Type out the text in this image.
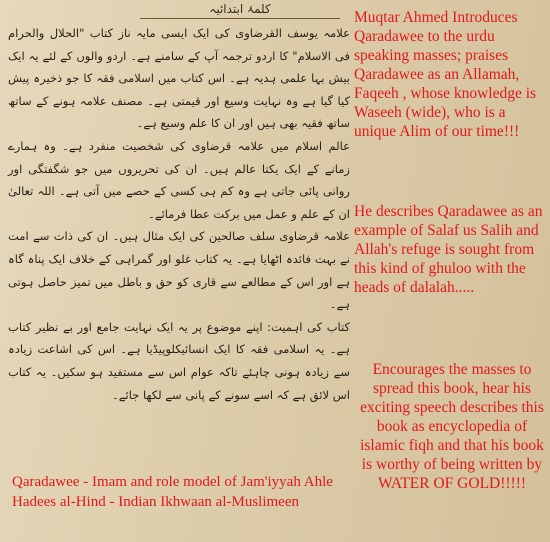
کلمۂ ابتدائیہ

علامہ یوسف القرضاوی کی ایک ایسی مایہ ناز کتاب "الحلال والحرام فی الاسلام" کا اردو ترجمہ آپ کے سامنے ہے۔ اردو والوں کے لئے یہ ایک بیش بہا علمی ہدیہ ہے۔ اس کتاب میں اسلامی فقہ کا جو ذخیرہ پیش کیا گیا ہے وہ نہایت وسیع اور قیمتی ہے۔ مصنف علامہ ہونے کے ساتھ ساتھ فقیہ بھی ہیں اور ان کا علم وسیع ہے۔

عالم اسلام میں علامہ قرضاوی کی شخصیت منفرد ہے۔ وہ ہمارے زمانے کے ایک یکتا عالم ہیں۔ ان کی تحریروں میں جو شگفتگی اور روانی پائی جاتی ہے وہ کم ہی کسی کے حصے میں آتی ہے۔ اللہ تعالیٰ ان کے علم و عمل میں برکت عطا فرمائے۔

علامہ قرضاوی سلف صالحین کی ایک مثال ہیں۔ ان کی ذات سے امت نے بہت فائدہ اٹھایا ہے۔ یہ کتاب غلو اور گمراہی کے خلاف ایک پناہ گاہ ہے اور اس کے مطالعے سے قاری کو حق و باطل میں تمیز حاصل ہوتی ہے۔

کتاب کی اہمیت: اپنے موضوع پر یہ ایک نہایت جامع اور بے نظیر کتاب ہے۔ یہ اسلامی فقہ کا ایک انسائیکلوپیڈیا ہے۔ اس کی اشاعت زیادہ سے زیادہ ہونی چاہئے تاکہ عوام اس سے مستفید ہو سکیں۔ یہ کتاب اس لائق ہے کہ اسے سونے کے پانی سے لکھا جائے۔

Muqtar Ahmed Introduces Qaradawee to the urdu speaking masses; praises Qaradawee as an Allamah, Faqeeh , whose knowledge is Waseeh (wide), who is a unique Alim of our time!!!

He describes Qaradawee as an example of Salaf us Salih and Allah's refuge is sought from this kind of ghuloo with the heads of dalalah.....

Encourages the masses to spread this book, hear his exciting speech describes this book as encyclopedia of islamic fiqh and that his book is worthy of being written by WATER OF GOLD!!!!!

Qaradawee - Imam and role model of Jam'iyyah Ahle Hadees al-Hind - Indian Ikhwaan al-Muslimeen
